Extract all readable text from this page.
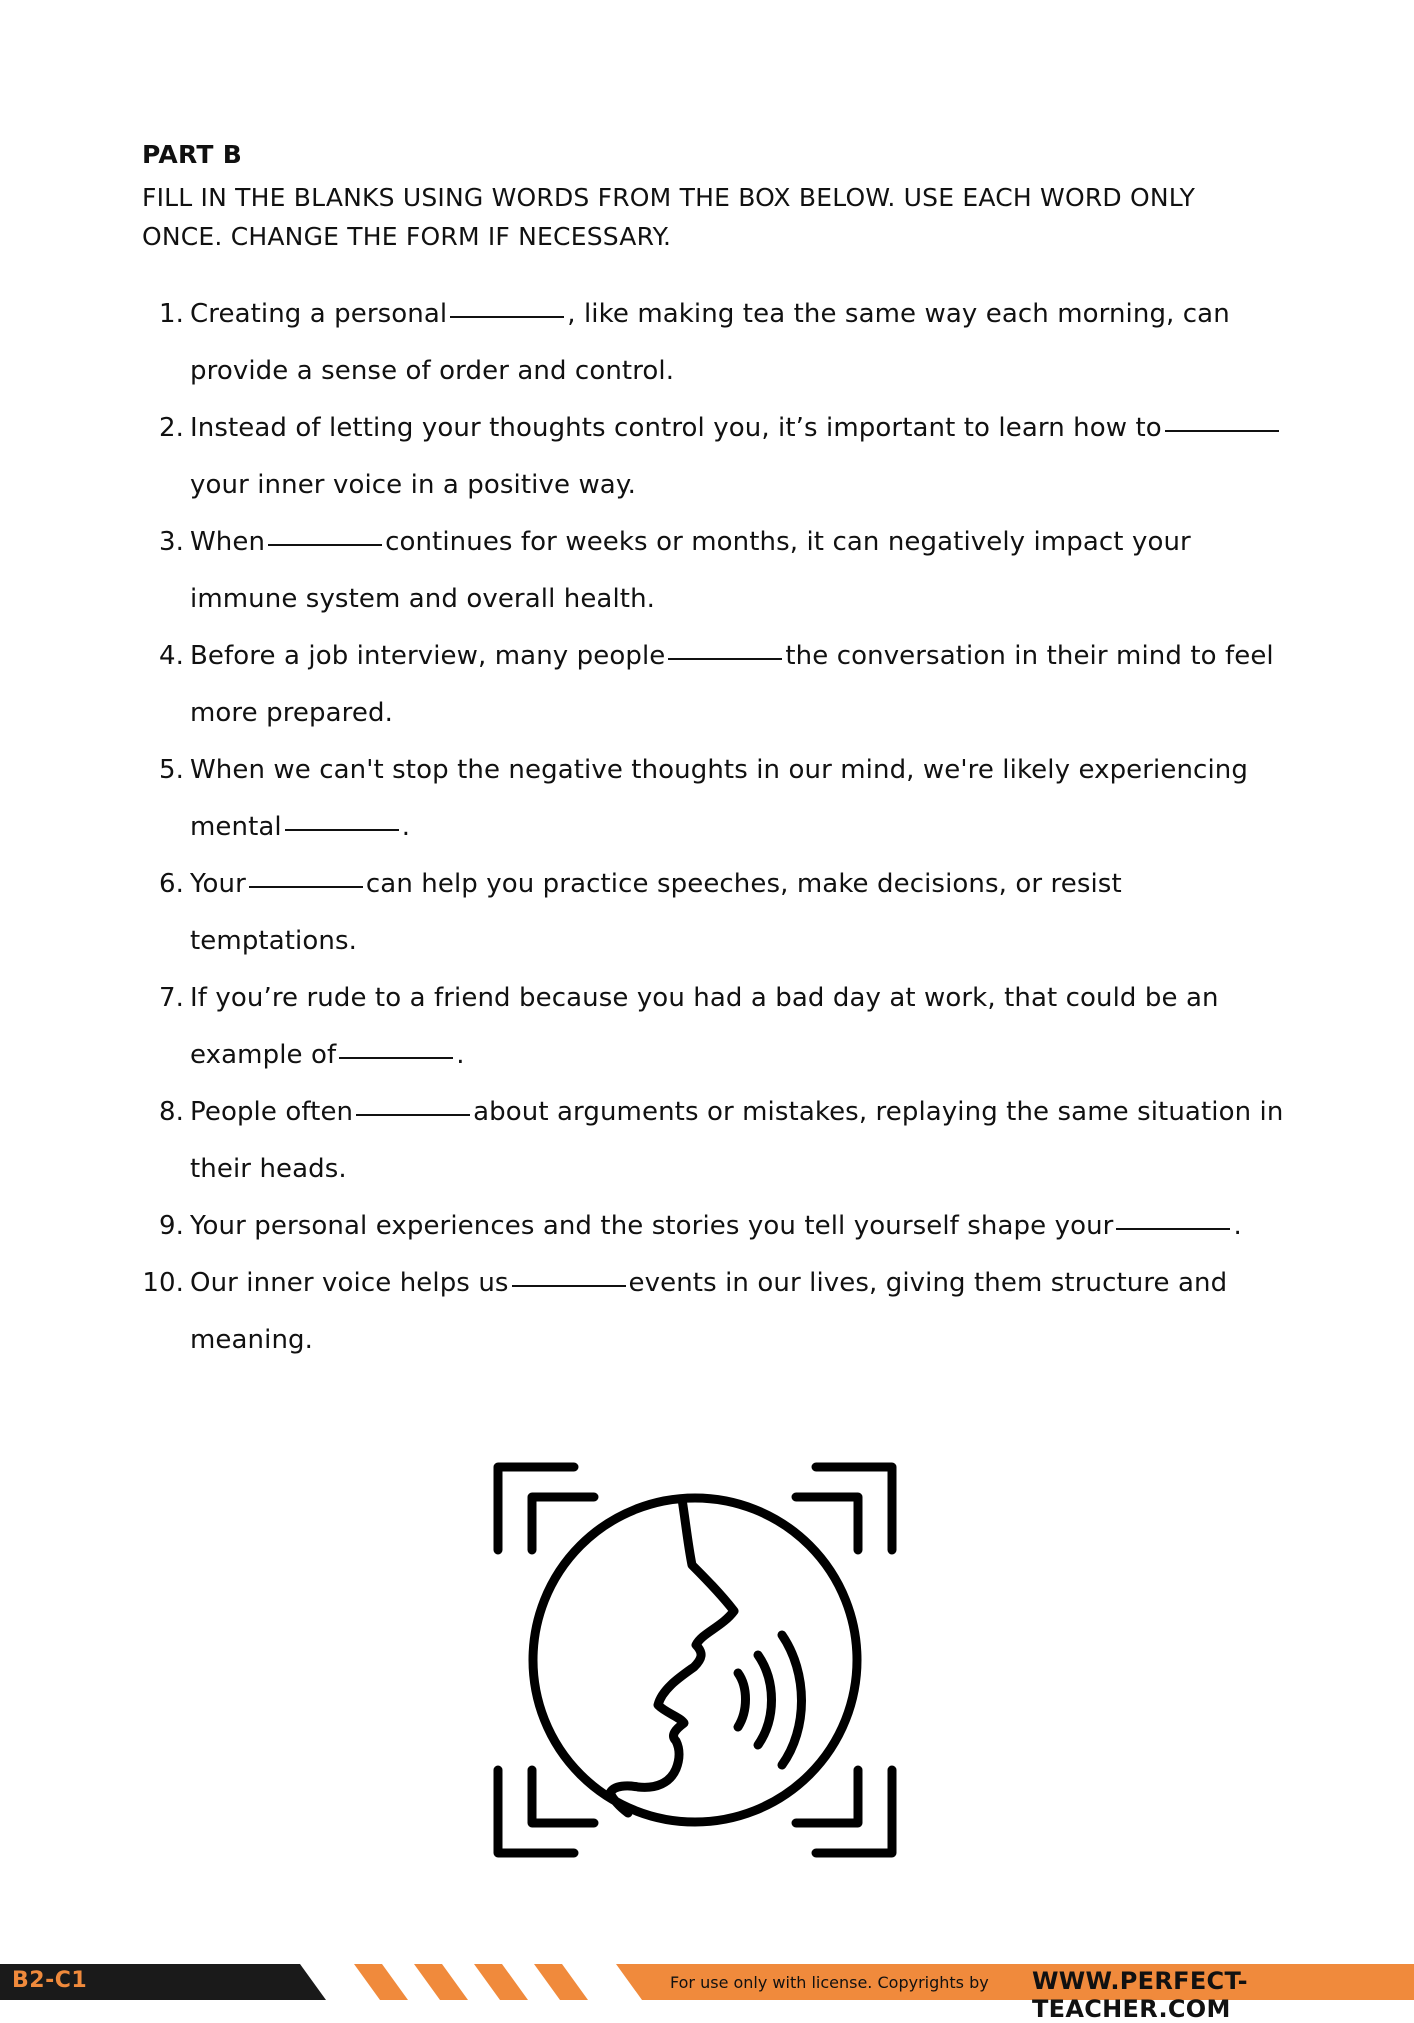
PART B
FILL IN THE BLANKS USING WORDS FROM THE BOX BELOW. USE EACH WORD ONLY ONCE. CHANGE THE FORM IF NECESSARY.
1. Creating a personal	, like making tea the same way each morning, can provide a sense of order and control.
2. Instead of letting your thoughts control you, it’s important to learn how to your inner voice in a positive way.
3. When	continues for weeks or months, it can negatively impact your immune system and overall health.
4. Before a job interview, many people	the conversation in their mind to feel more prepared.
5. When we can't stop the negative thoughts in our mind, we're likely experiencing mental	.
6. Your	can help you practice speeches, make decisions, or resist temptations.
7. If you’re rude to a friend because you had a bad day at work, that could be an example of	.
8. People often	about arguments or mistakes, replaying the same situation in their heads.
9. Your personal experiences and the stories you tell yourself shape your	.
10. Our inner voice helps us	events in our lives, giving them structure and meaning.
B2-C1	For use only with license. Copyrights by WWW.PERFECT-TEACHER.COM
